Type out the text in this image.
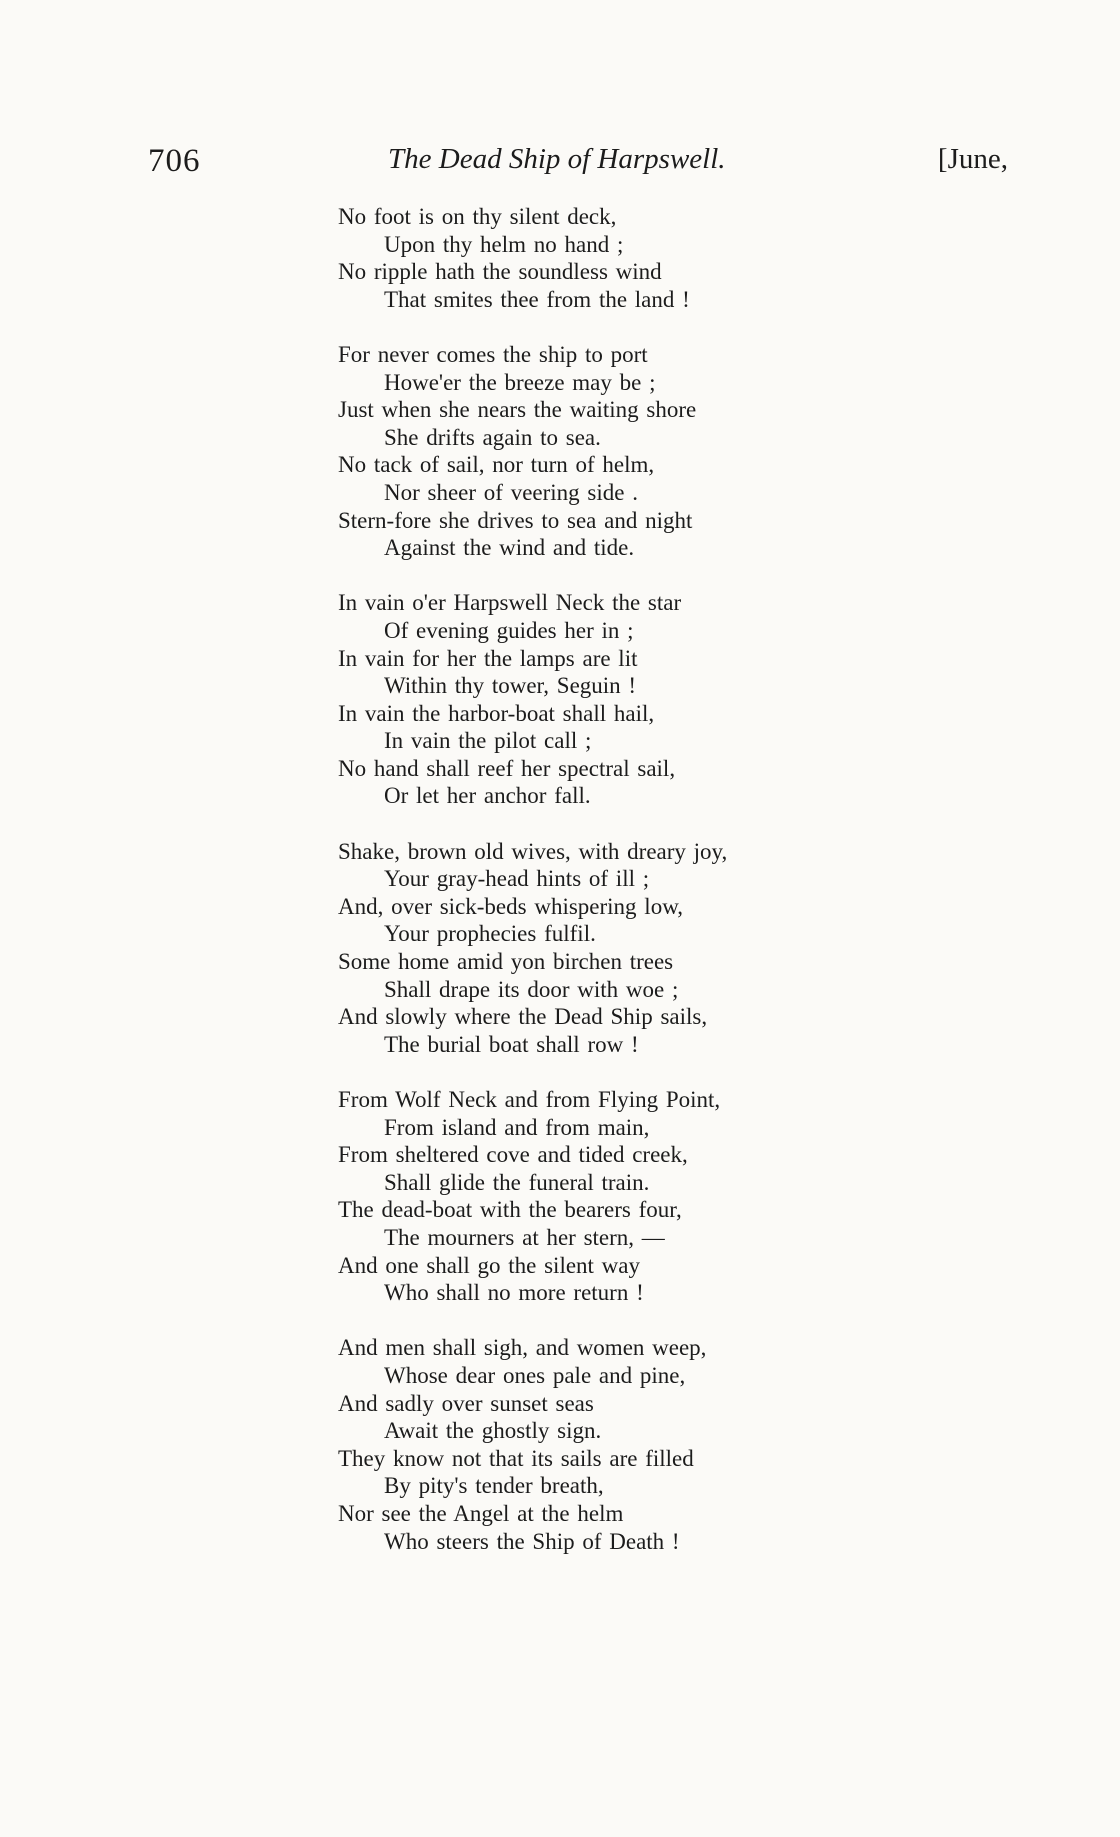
706	The Dead Ship of Harpswell.	[June,
No foot is on thy silent deck,
Upon thy helm no hand ;
No ripple hath the soundless wind
That smites thee from the land !
For never comes the ship to port
Howe'er the breeze may be ;
Just when she nears the waiting shore
She drifts again to sea.
No tack of sail, nor turn of helm,
Nor sheer of veering side .
Stern-fore she drives to sea and night
Against the wind and tide.
In vain o'er Harpswell Neck the star
Of evening guides her in ;
In vain for her the lamps are lit
Within thy tower, Seguin !
In vain the harbor-boat shall hail,
In vain the pilot call ;
No hand shall reef her spectral sail,
Or let her anchor fall.
Shake, brown old wives, with dreary joy,
Your gray-head hints of ill ;
And, over sick-beds whispering low,
Your prophecies fulfil.
Some home amid yon birchen trees
Shall drape its door with woe ;
And slowly where the Dead Ship sails,
The burial boat shall row !
From Wolf Neck and from Flying Point,
From island and from main,
From sheltered cove and tided creek,
Shall glide the funeral train.
The dead-boat with the bearers four,
The mourners at her stern, —
And one shall go the silent way
Who shall no more return !
And men shall sigh, and women weep,
Whose dear ones pale and pine,
And sadly over sunset seas
Await the ghostly sign.
They know not that its sails are filled
By pity's tender breath,
Nor see the Angel at the helm
Who steers the Ship of Death !
